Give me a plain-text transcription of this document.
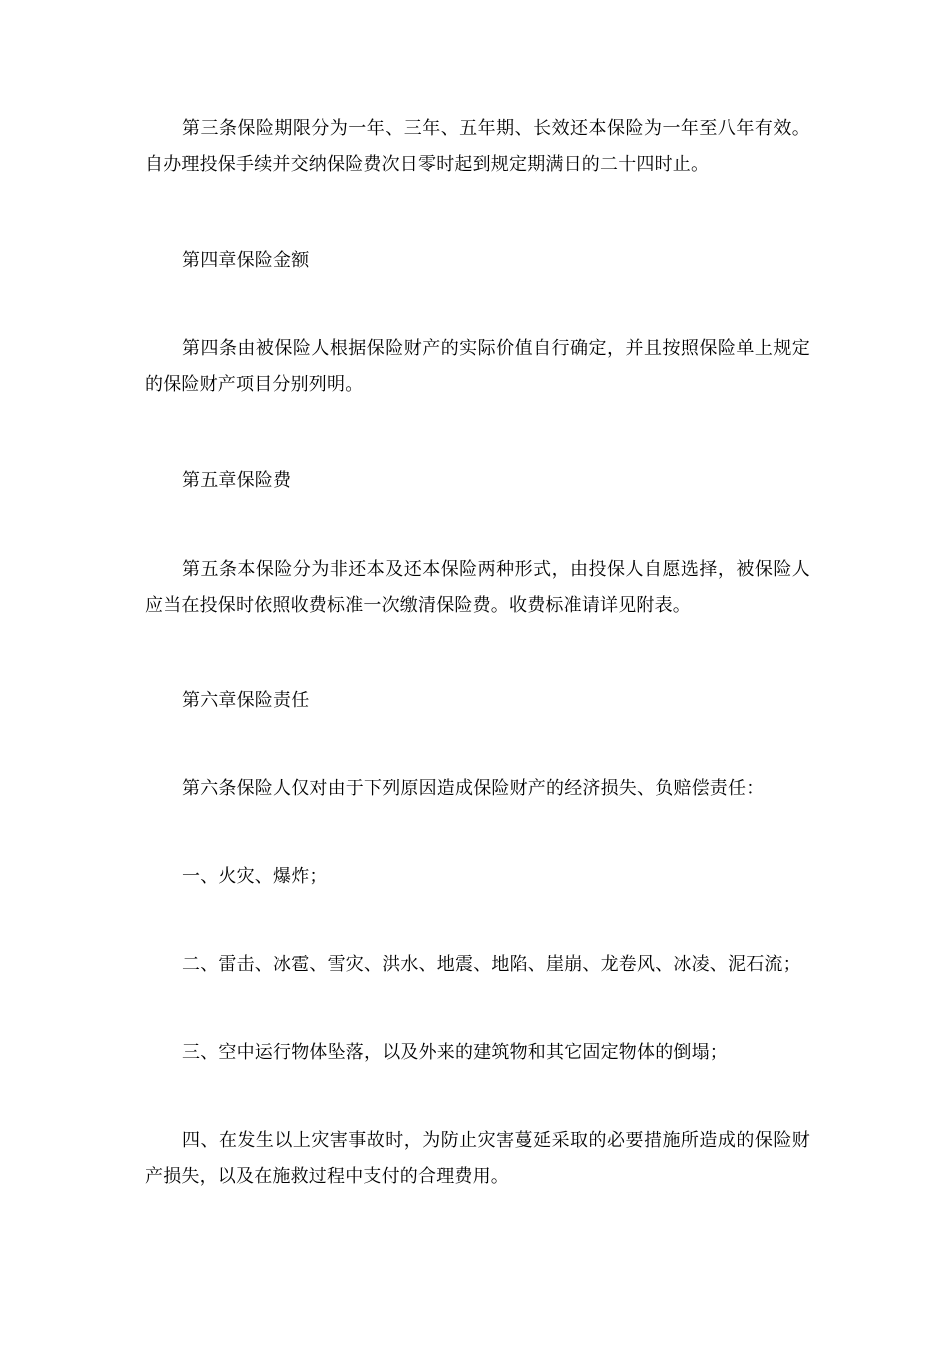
第三条保险期限分为一年、三年、五年期、长效还本保险为一年至八年有效。自办理投保手续并交纳保险费次日零时起到规定期满日的二十四时止。

第四章保险金额

第四条由被保险人根据保险财产的实际价值自行确定，并且按照保险单上规定的保险财产项目分别列明。

第五章保险费

第五条本保险分为非还本及还本保险两种形式，由投保人自愿选择，被保险人应当在投保时依照收费标准一次缴清保险费。收费标准请详见附表。

第六章保险责任

第六条保险人仅对由于下列原因造成保险财产的经济损失、负赔偿责任：

一、火灾、爆炸；

二、雷击、冰雹、雪灾、洪水、地震、地陷、崖崩、龙卷风、冰凌、泥石流；

三、空中运行物体坠落，以及外来的建筑物和其它固定物体的倒塌；

四、在发生以上灾害事故时，为防止灾害蔓延采取的必要措施所造成的保险财产损失，以及在施救过程中支付的合理费用。
